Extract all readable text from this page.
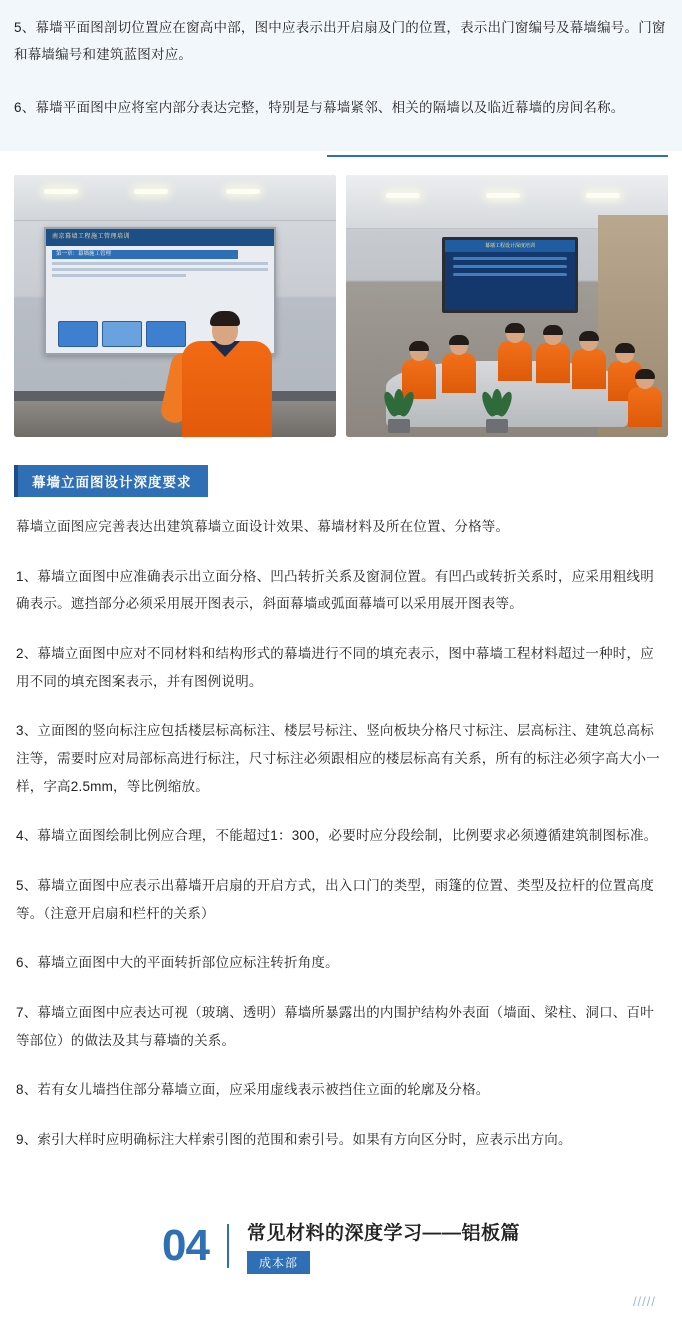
5、幕墙平面图剖切位置应在窗高中部，图中应表示出开启扇及门的位置，表示出门窗编号及幕墙编号。门窗和幕墙编号和建筑蓝图对应。

6、幕墙平面图中应将室内部分表达完整，特别是与幕墙紧邻、相关的隔墙以及临近幕墙的房间名称。

南京幕墙工程施工管理培训
第一章：幕墙施工管理
幕墙工程设计深度培训
幕墙立面图设计深度要求

幕墙立面图应完善表达出建筑幕墙立面设计效果、幕墙材料及所在位置、分格等。

1、幕墙立面图中应准确表示出立面分格、凹凸转折关系及窗洞位置。有凹凸或转折关系时，应采用粗线明确表示。遮挡部分必须采用展开图表示，斜面幕墙或弧面幕墙可以采用展开图表等。

2、幕墙立面图中应对不同材料和结构形式的幕墙进行不同的填充表示，图中幕墙工程材料超过一种时，应用不同的填充图案表示，并有图例说明。

3、立面图的竖向标注应包括楼层标高标注、楼层号标注、竖向板块分格尺寸标注、层高标注、建筑总高标注等，需要时应对局部标高进行标注，尺寸标注必须跟相应的楼层标高有关系，所有的标注必须字高大小一样，字高2.5mm，等比例缩放。

4、幕墙立面图绘制比例应合理，不能超过1：300，必要时应分段绘制，比例要求必须遵循建筑制图标准。

5、幕墙立面图中应表示出幕墙开启扇的开启方式，出入口门的类型，雨篷的位置、类型及拉杆的位置高度等。（注意开启扇和栏杆的关系）

6、幕墙立面图中大的平面转折部位应标注转折角度。

7、幕墙立面图中应表达可视（玻璃、透明）幕墙所暴露出的内围护结构外表面（墙面、梁柱、洞口、百叶等部位）的做法及其与幕墙的关系。

8、若有女儿墙挡住部分幕墙立面，应采用虚线表示被挡住立面的轮廓及分格。

9、索引大样时应明确标注大样索引图的范围和索引号。如果有方向区分时，应表示出方向。

04 常见材料的深度学习——铝板篇
成本部
/////
